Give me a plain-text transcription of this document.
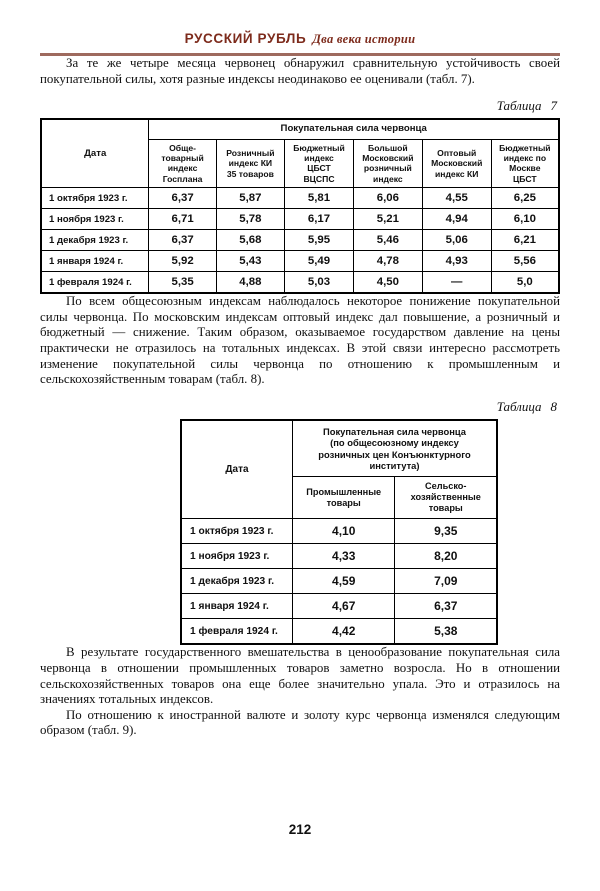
РУССКИЙ РУБЛЬ Два века истории

За те же четыре месяца червонец обнаружил сравнительную устойчивость своей покупательной силы, хотя разные индексы неодинаково ее оценивали (табл. 7).

Таблица 7
Дата	Покупательная сила червонца					
	Обще-
товарный
индекс
Госплана	Розничный
индекс КИ
35 товаров	Бюджетный
индекс
ЦБСТ
ВЦСПС	Большой
Московский
розничный
индекс	Оптовый
Московский
индекс КИ	Бюджетный
индекс по
Москве
ЦБСТ
1 октября 1923 г.	6,37	5,87	5,81	6,06	4,55	6,25
1 ноября 1923 г.	6,71	5,78	6,17	5,21	4,94	6,10
1 декабря 1923 г.	6,37	5,68	5,95	5,46	5,06	6,21
1 января 1924 г.	5,92	5,43	5,49	4,78	4,93	5,56
1 февраля 1924 г.	5,35	4,88	5,03	4,50	—	5,0

По всем общесоюзным индексам наблюдалось некоторое понижение покупательной силы червонца. По московским индексам оптовый индекс дал повышение, а розничный и бюджетный — снижение. Таким образом, оказываемое государством давление на цены практически не отразилось на тотальных индексах. В этой связи интересно рассмотреть изменение покупательной силы червонца по отношению к промышленным и сельскохозяйственным товарам (табл. 8).

Таблица 8
Дата	Покупательная сила червонца
(по общесоюзному индексу
розничных цен Конъюнктурного
института)	
	Промышленные
товары	Сельско-
хозяйственные
товары
1 октября 1923 г.	4,10	9,35
1 ноября 1923 г.	4,33	8,20
1 декабря 1923 г.	4,59	7,09
1 января 1924 г.	4,67	6,37
1 февраля 1924 г.	4,42	5,38

В результате государственного вмешательства в ценообразование покупательная сила червонца в отношении промышленных товаров заметно возросла. Но в отношении сельскохозяйственных товаров она еще более значительно упала. Это и отразилось на значениях тотальных индексов.

По отношению к иностранной валюте и золоту курс червонца изменялся следующим образом (табл. 9).

212
